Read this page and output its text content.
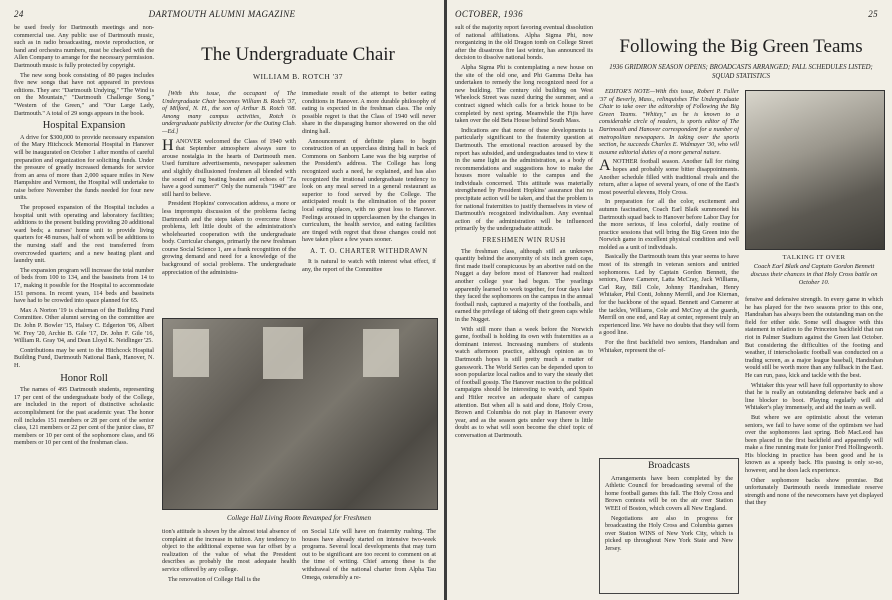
24	DARTMOUTH ALUMNI MAGAZINE

be used freely for Dartmouth meetings and non-commercial use. Any public use of Dartmouth music, such as in radio broadcasting, movie reproduction, or band and orchestra numbers, must be checked with the Allen Company to arrange for the necessary permission. Dartmouth music is fully protected by copyright.

The new song book consisting of 80 pages includes five new songs that have not appeared in previous editions. They are: "Dartmouth Undying," "The Wind is on the Mountain," "Dartmouth Challenge Song," "Western of the Green," and "Our Large Lady, Dartmouth." A total of 29 songs appears in the book.

Hospital Expansion

A drive for $300,000 to provide necessary expansion of the Mary Hitchcock Memorial Hospital in Hanover will be inaugurated on October 1 after months of careful preparation and organization for soliciting funds. Under the pressure of greatly increased demands for service from an area of more than 2,000 square miles in New Hampshire and Vermont, the Hospital will undertake to raise before November the funds needed for four new units.

The proposed expansion of the Hospital includes a hospital unit with operating and laboratory facilities; additions to the present building providing 20 additional ward beds; a nurses' home unit to provide living quarters for 48 nurses, half of whom will be additions to the nursing staff and the rest transferred from overcrowded quarters; and a new heating plant and laundry unit.

The expansion program will increase the total number of beds from 100 to 134, and the bassinets from 14 to 17, making it possible for the Hospital to accommodate 151 persons. In recent years, 114 beds and bassinets have had to be crowded into space planned for 65.

Max A Norton '19 is chairman of the Building Fund Committee. Other alumni serving on the committee are Dr. John P. Bowler '15, Halsey C. Edgerton '06, Albert W. Frey '20, Archie B. Gile '17, Dr. John F. Gile '16, William R. Gray '04, and Dean Lloyd K. Neidlinger '25.

Contributions may be sent to the Hitchcock Hospital Building Fund, Dartmouth National Bank, Hanover, N. H.

Honor Roll

The names of 495 Dartmouth students, representing 17 per cent of the undergraduate body of the College, are included in the report of distinctive scholastic accomplishment for the past academic year. The honor roll includes 151 members or 28 per cent of the senior class, 121 members or 22 per cent of the junior class, 87 members or 10 per cent of the sophomore class, and 66 members or 10 per cent of the freshman class.

The Undergraduate Chair
WILLIAM B. ROTCH '37

[With this issue, the occupant of The Undergraduate Chair becomes William B. Rotch '37, of Milford, N. H., the son of Arthur B. Rotch '08. Among many campus activities, Rotch is undergraduate publicity director for the Outing Club.—Ed.]

HANOVER welcomed the Class of 1940 with that September atmosphere always sure to arouse nostalgia in the hearts of Dartmouth men. Used furniture advertisements, newspaper salesmen and slightly disillusioned freshmen all blended with the sound of rug beating beaten and echoes of "J'a have a good summer?" Only the numerals "1940" are still hard to believe.

President Hopkins' convocation address, a more or less impromptu discussion of the problems facing Dartmouth and the steps taken to overcome those problems, left little doubt of the administration's wholehearted cooperation with the undergraduate body. Curricular changes, primarily the new freshman course Social Science 1, are a frank recognition of the growing demand and need for a knowledge of the background of social problems. The undergraduate appreciation of the administra-

immediate result of the attempt to better eating conditions in Hanover. A more durable philosophy of eating is expected in the freshman class. The only possible regret is that the Class of 1940 will never share in the disparaging humor showered on the old dining hall.

Announcement of definite plans to begin construction of an upperclass dining hall in back of Commons on Sanborn Lane was the big surprise of the President's address. The College has long recognized such a need, he explained, and has also recognized the irrational undergraduate tendency to look on any meal served in a general restaurant as superior to food served by the College. The anticipated result is the elimination of the poorer local eating places, with no great loss to Hanover. Feelings aroused in upperclassmen by the changes in curriculum, the health service, and eating facilities are tinged with regret that those changes could not have taken place a few years sooner.

A. T. O. CHARTER WITHDRAWN

It is natural to watch with interest what effect, if any, the report of the Committee

College Hall Living Room Revamped for Freshmen

tion's attitude is shown by the almost total absence of complaint at the increase in tuition. Any tendency to object to the additional expense was far offset by a realization of the value of what the President describes as probably the most adequate health service offered by any college.

The renovation of College Hall is the

on Social Life will have on fraternity rushing. The houses have already started on intensive two-week programs. Several local developments that may turn out to be significant are too recent to comment on at the time of writing. Chief among these is the withdrawal of the national charter from Alpha Tau Omega, ostensibly a re-

OCTOBER, 1936	25

sult of the majority report favoring eventual dissolution of national affiliations. Alpha Sigma Phi, now reorganizing in the old Dragon tomb on College Street after the disastrous fire last winter, has announced its decision to dissolve national bonds.

Alpha Sigma Phi is contemplating a new house on the site of the old one, and Phi Gamma Delta has undertaken to remedy the long recognized need for a new building. The century old building on West Wheelock Street was razed during the summer, and a contract signed which calls for a brick house to be completed by next spring. Meanwhile the Fijis have taken over the old Beta House behind South Mass.

Indications are that none of these developments is particularly significant to the fraternity question at Dartmouth. The emotional reaction aroused by the report has subsided, and undergraduates tend to view it in the same light as the administration, as a body of recommendations and suggestions how to make the houses more valuable to the campus and the individuals concerned. This attitude was materially strengthened by President Hopkins' assurance that no precipitate action will be taken, and that the problem is for national fraternities to justify themselves in view of Dartmouth's recognized individualism. Any eventual action of the administration will be influenced primarily by the undergraduate attitude.

FRESHMEN WIN RUSH

The freshman class, although still an unknown quantity behind the anonymity of six inch green caps, first made itself conspicuous by an abortive raid on the Nugget a day before most of Hanover had realized another college year had begun. The yearlings apparently learned to work together, for four days later they faced the sophomores on the campus in the annual football rush, captured a majority of the footballs, and earned the privilege of taking off their green caps while in the Nugget.

With still more than a week before the Norwich game, football is holding its own with fraternities as a dominant interest. Increasing numbers of students watch afternoon practice, although opinion as to Dartmouth hopes is still pretty much a matter of guesswork. The World Series can be depended upon to soon popularize local radios and to vary the steady diet of football gossip. The Hanover reaction to the political campaigns should be interesting to watch, and Spain and Hitler receive an adequate share of campus attention. But when all is said and done, Holy Cross, Brown and Columbia do not play in Hanover every year, and as the season gets under way there is little doubt as to what will soon become the chief topic of conversation at Dartmouth.

Following the Big Green Teams
1936 GRIDIRON SEASON OPENS; BROADCASTS ARRANGED; FALL SCHEDULES LISTED; SQUAD STATISTICS

EDITOR'S NOTE—With this issue, Robert P. Fuller '37 of Beverly, Mass., relinquishes The Undergraduate Chair to take over the editorship of Following the Big Green Teams. "Whitey," as he is known to a considerable circle of readers, is sports editor of The Dartmouth and Hanover correspondent for a number of metropolitan newspapers. In taking over the sports section, he succeeds Charles E. Widmayer '30, who will assume editorial duties of a more general nature.

ANOTHER football season. Another fall for rising hopes and probably some bitter disappointments. Another schedule filled with traditional rivals and the return, after a lapse of several years, of one of the East's most powerful elevens, Holy Cross.

In preparation for all the color, excitement and autumn fascination, Coach Earl Blaik summoned his Dartmouth squad back to Hanover before Labor Day for the more serious, if less colorful, daily routine of practice sessions that will bring the Big Green into the Norwich game in excellent physical condition and well molded as a unit of individuals.

Basically the Dartmouth team this year seems to have most of its strength in veteran seniors and untried sophomores. Led by Captain Gordon Bennett, the seniors, Dave Camerer, Latta McCray, Jack Williams, Carl Ray, Bill Cole, Johnny Handrahan, Henry Whitaker, Phil Conti, Johnny Merrill, and Joe Kiernan, for the backbone of the squad. Bennett and Camerer at the tackles, Williams, Cole and McCray at the guards, Merrill on one end, and Ray at center, represent truly an experienced line. We have no doubts that they will form a good line.

For the first backfield two seniors, Handrahan and Whitaker, represent the of-

TALKING IT OVER
Coach Earl Blaik and Captain Gordon Bennett discuss their chances in that Holy Cross battle on October 10.

fensive and defensive strength. In every game in which he has played for the two seasons prior to this one, Handrahan has always been the outstanding man on the field for either side. Some will disagree with this statement in relation to the Princeton backfield that ran riot in Palmer Stadium against the Green last October. But considering the difficulties of the footing and weather, if interscholastic football was conducted on a trading screen, as a major league baseball, Handrahan would still be worth more than any fullback in the East. He can run, pass, kick and tackle with the best.

Whitaker this year will have full opportunity to show that he is really an outstanding defensive back and a line blocker to boot. Playing regularly will aid Whitaker's play immensely, and aid the team as well.

But where we are optimistic about the veteran seniors, we fail to have some of the optimism we had over the sophomores last spring. Bob MacLeod has been placed in the first backfield and apparently will make a fine running mate for junior Fred Hollingworth. His blocking in practice has been good and he is known as a speedy back. His passing is only so-so, however, and he does lack experience.

Other sophomore backs show promise. But unfortunately Dartmouth needs immediate reserve strength and none of the newcomers have yet displayed that they

Broadcasts

Arrangements have been completed by the Athletic Council for broadcasting several of the home football games this fall. The Holy Cross and Brown contests will be on the air over Station WEEI of Boston, which covers all New England.

Negotiations are also in progress for broadcasting the Holy Cross and Columbia games over Station WINS of New York City, which is picked up throughout New York State and New Jersey.
